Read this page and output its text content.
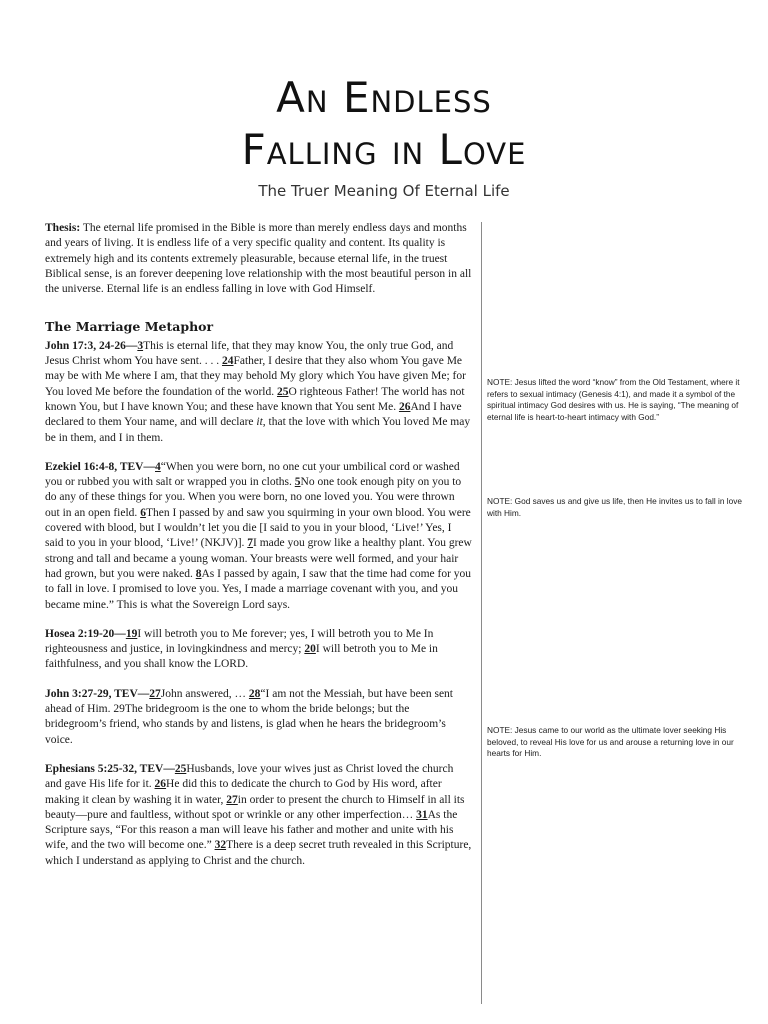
An Endless
Falling in Love
The Truer Meaning Of Eternal Life

Thesis: The eternal life promised in the Bible is more than merely endless days and months and years of living. It is endless life of a very specific quality and content. Its quality is extremely high and its contents extremely pleasurable, because eternal life, in the truest Biblical sense, is an forever deepening love relationship with the most beautiful person in all the universe. Eternal life is an endless falling in love with God Himself.

The Marriage Metaphor

John 17:3, 24-26—3This is eternal life, that they may know You, the only true God, and Jesus Christ whom You have sent. . . . 24Father, I desire that they also whom You gave Me may be with Me where I am, that they may behold My glory which You have given Me; for You loved Me before the foundation of the world. 25O righteous Father! The world has not known You, but I have known You; and these have known that You sent Me. 26And I have declared to them Your name, and will declare it, that the love with which You loved Me may be in them, and I in them.

Ezekiel 16:4-8, TEV—4“When you were born, no one cut your umbilical cord or washed you or rubbed you with salt or wrapped you in cloths. 5No one took enough pity on you to do any of these things for you. When you were born, no one loved you. You were thrown out in an open field. 6Then I passed by and saw you squirming in your own blood. You were covered with blood, but I wouldn’t let you die [I said to you in your blood, ‘Live!’ Yes, I said to you in your blood, ‘Live!’ (NKJV)]. 7I made you grow like a healthy plant. You grew strong and tall and became a young woman. Your breasts were well formed, and your hair had grown, but you were naked. 8As I passed by again, I saw that the time had come for you to fall in love. I promised to love you. Yes, I made a marriage covenant with you, and you became mine.” This is what the Sovereign Lord says.

Hosea 2:19-20—19I will betroth you to Me forever; yes, I will betroth you to Me In righteousness and justice, in lovingkindness and mercy; 20I will betroth you to Me in faithfulness, and you shall know the LORD.

John 3:27-29, TEV—27John answered, … 28“I am not the Messiah, but have been sent ahead of Him. 29The bridegroom is the one to whom the bride belongs; but the bridegroom’s friend, who stands by and listens, is glad when he hears the bridegroom’s voice.

Ephesians 5:25-32, TEV—25Husbands, love your wives just as Christ loved the church and gave His life for it. 26He did this to dedicate the church to God by His word, after making it clean by washing it in water, 27in order to present the church to Himself in all its beauty—pure and faultless, without spot or wrinkle or any other imperfection… 31As the Scripture says, “For this reason a man will leave his father and mother and unite with his wife, and the two will become one.” 32There is a deep secret truth revealed in this Scripture, which I understand as applying to Christ and the church.

NOTE: Jesus lifted the word “know” from the Old Testament, where it refers to sexual intimacy (Genesis 4:1), and made it a symbol of the spiritual intimacy God desires with us. He is saying, “The meaning of eternal life is heart-to-heart intimacy with God.”
NOTE: God saves us and give us life, then He invites us to fall in love with Him.
NOTE: Jesus came to our world as the ultimate lover seeking His beloved, to reveal His love for us and arouse a returning love in our hearts for Him.
